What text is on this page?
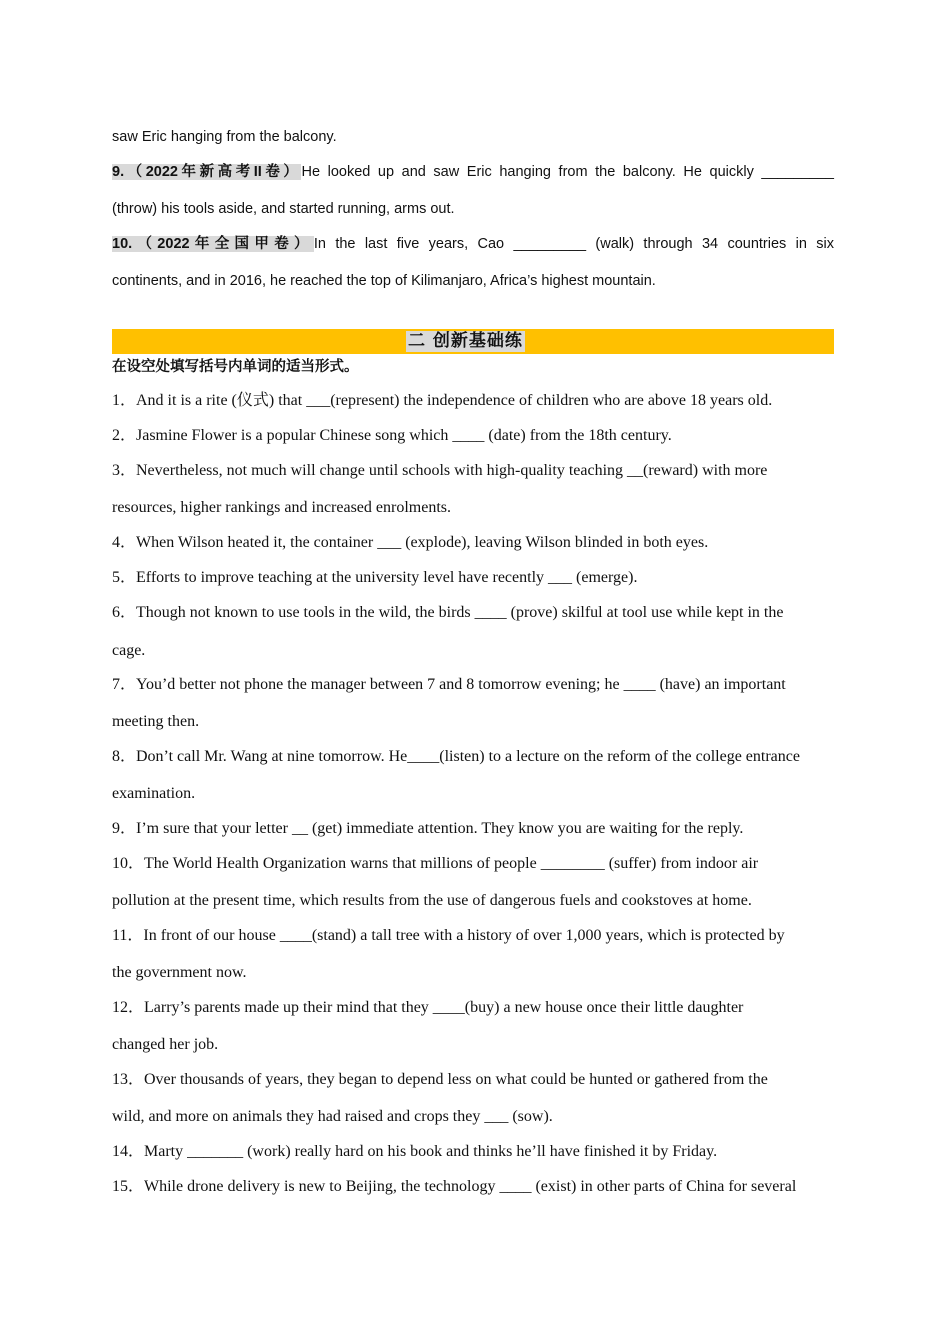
saw Eric hanging from the balcony.
9.（2022年新高考II卷）He looked up and saw Eric hanging from the balcony. He quickly _________
(throw) his tools aside, and started running, arms out.
10.（2022年全国甲卷）In the last five years, Cao _________ (walk) through 34 countries in six
continents, and in 2016, he reached the top of Kilimanjaro, Africa’s highest mountain.
二 创新基础练
在设空处填写括号内单词的适当形式。
1．And it is a rite (仪式) that ___(represent) the independence of children who are above 18 years old.
2．Jasmine Flower is a popular Chinese song which ____ (date) from the 18th century.
3．Nevertheless, not much will change until schools with high-quality teaching __(reward) with more
resources, higher rankings and increased enrolments.
4．When Wilson heated it, the container ___ (explode), leaving Wilson blinded in both eyes.
5．Efforts to improve teaching at the university level have recently ___ (emerge).
6．Though not known to use tools in the wild, the birds ____ (prove) skilful at tool use while kept in the
cage.
7．You’d better not phone the manager between 7 and 8 tomorrow evening; he ____ (have) an important
meeting then.
8．Don’t call Mr. Wang at nine tomorrow. He____(listen) to a lecture on the reform of the college entrance
examination.
9．I’m sure that your letter __ (get) immediate attention. They know you are waiting for the reply.
10．The World Health Organization warns that millions of people ________ (suffer) from indoor air
pollution at the present time, which results from the use of dangerous fuels and cookstoves at home.
11．In front of our house ____(stand) a tall tree with a history of over 1,000 years, which is protected by
the government now.
12．Larry’s parents made up their mind that they ____(buy) a new house once their little daughter
changed her job.
13．Over thousands of years, they began to depend less on what could be hunted or gathered from the
wild, and more on animals they had raised and crops they ___ (sow).
14．Marty _______ (work) really hard on his book and thinks he’ll have finished it by Friday.
15．While drone delivery is new to Beijing, the technology ____ (exist) in other parts of China for several
